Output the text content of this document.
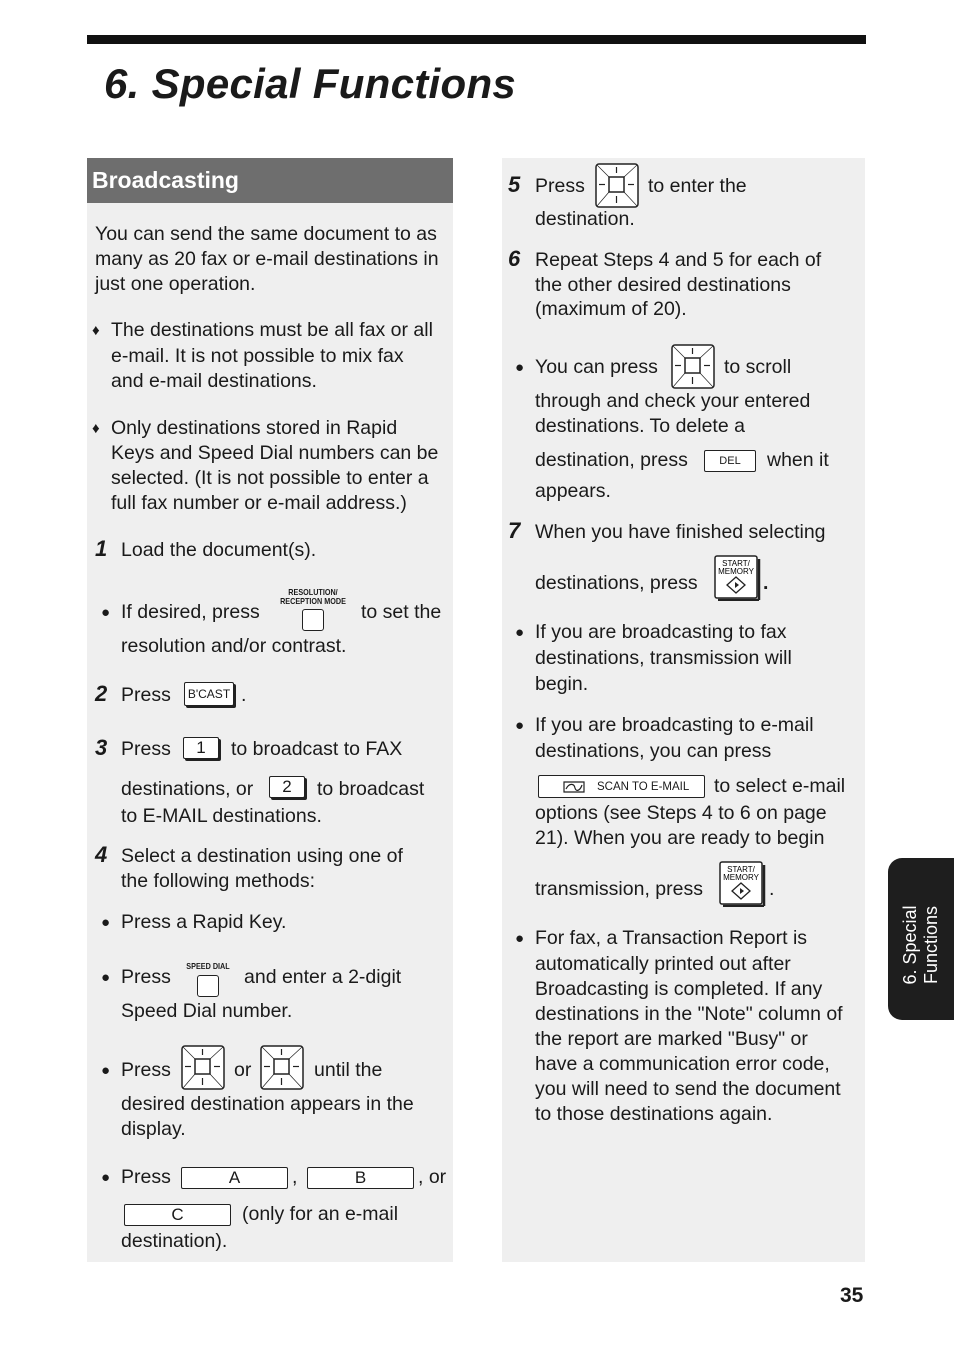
6. Special Functions
Broadcasting
You can send the same document to as
many as 20 fax or e-mail destinations in
just one operation.
♦ The destinations must be all fax or all
e-mail. It is not possible to mix fax
and e-mail destinations.
♦ Only destinations stored in Rapid
Keys and Speed Dial numbers can be
selected. (It is not possible to enter a
full fax number or e-mail address.)
1 Load the document(s).
● If desired, press
RESOLUTION/
RECEPTION MODE to set the
resolution and/or contrast.
2 Press	B'CAST .
3 Press	1	to broadcast to FAX
destinations, or	2	to broadcast
to E-MAIL destinations.
4 Select a destination using one of
the following methods:
● Press a Rapid Key.
● Press	SPEED DIAL and enter a 2-digit
Speed Dial number.
● Press	or	until the
desired destination appears in the
display.
● Press	A	,	B	, or
C	(only for an e-mail
destination).
5 Press	to enter the
destination.
6 Repeat Steps 4 and 5 for each of
the other desired destinations
(maximum of 20).
● You can press	to scroll
through and check your entered
destinations. To delete a
destination, press	DEL	when it
appears.
7 When you have finished selecting
destinations, press
START/
MEMORY
.
● If you are broadcasting to fax
destinations, transmission will
begin.
● If you are broadcasting to e-mail
destinations, you can press
SCAN TO E-MAIL to select e-mail
options (see Steps 4 to 6 on page
21). When you are ready to begin
transmission, press
START/
MEMORY
.
● For fax, a Transaction Report is
automatically printed out after
Broadcasting is completed. If any
destinations in the "Note" column of
the report are marked "Busy" or
have a communication error code,
you will need to send the document
to those destinations again.
6. Special
Functions
35
